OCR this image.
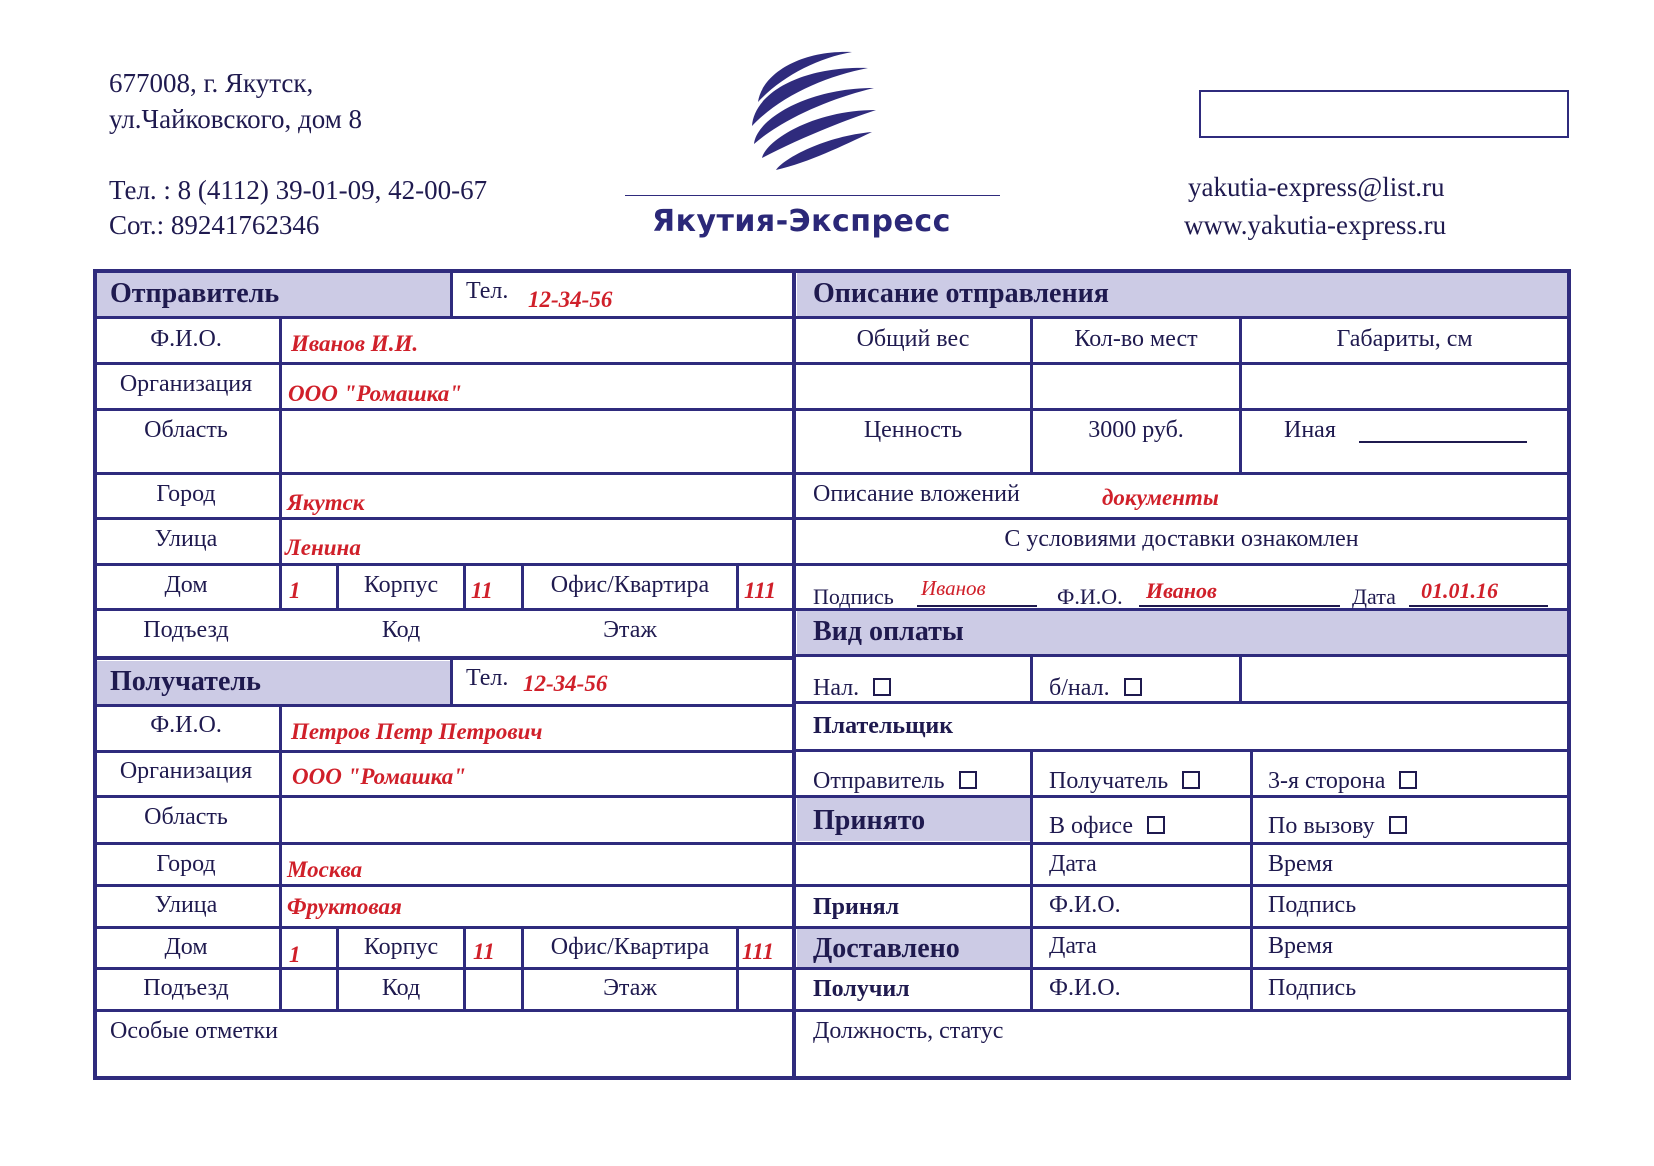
677008, г. Якутск,
ул.Чайковского, дом 8
Тел. : 8 (4112) 39-01-09, 42-00-67
Сот.: 89241762346	Якутия-Экспресс
yakutia-express@list.ru
www.yakutia-express.ru
Отправитель	Тел. 12-34-56
Ф.И.О.	Иванов И.И.
Организация	ООО "Ромашка"
Область
Город	Якутск
Улица	Ленина
Дом	1	Корпус	11	Офис/Квартира	111
Подъезд	Код	Этаж
Получатель	Тел. 12-34-56
Ф.И.О.	Петров Петр Петрович
Организация	ООО "Ромашка"
Область
Город	Москва
Улица	Фруктовая
Дом	1	Корпус	11	Офис/Квартира	111
Подъезд	Код	Этаж
Особые отметки
Описание отправления
Общий вес	Кол-во мест	Габариты, см
Ценность	3000 руб.	Иная
Описание вложений	документы
С условиями доставки ознакомлен
Подпись Иванов	Ф.И.О. Иванов	Дата 01.01.16
Вид оплаты
Нал.	б/нал.
Плательщик
Отправитель	Получатель	3-я сторона
Принято	В офисе	По вызову
Дата	Время
Принял	Ф.И.О.	Подпись
Доставлено	Дата	Время
Получил	Ф.И.О.	Подпись
Должность, статус
